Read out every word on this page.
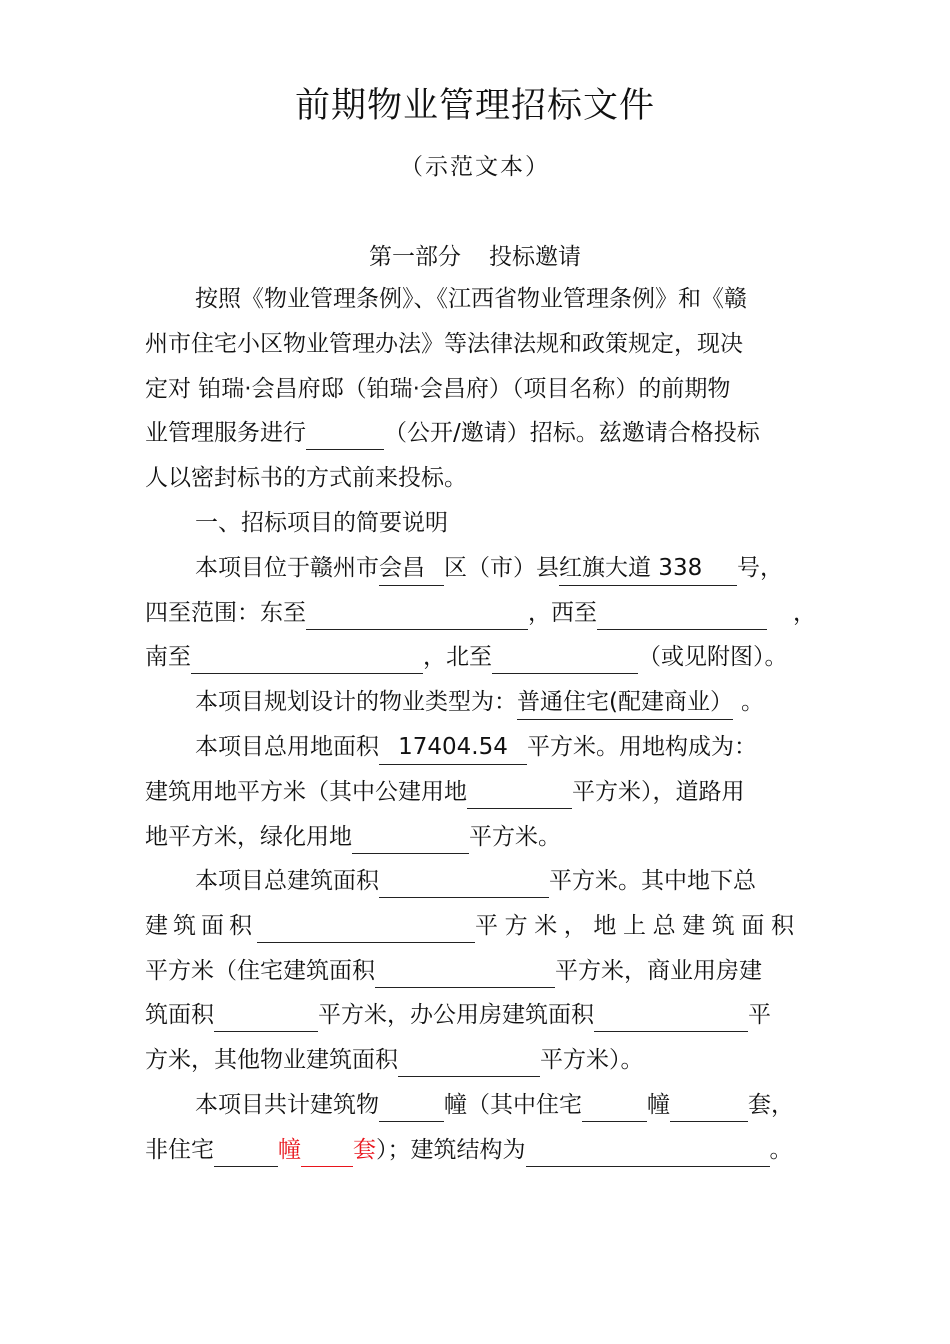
前期物业管理招标文件
（示范文本）
第一部分 投标邀请
按照《物业管理条例》、《江西省物业管理条例》和《赣
州市住宅小区物业管理办法》等法律法规和政策规定，现决
定对 铂瑞·会昌府邸（铂瑞·会昌府）（项目名称）的前期物
业管理服务进行	（公开/邀请）招标。兹邀请合格投标
人以密封标书的方式前来投标。
一、招标项目的简要说明
本项目位于赣州市会昌 区（市）县红旗大道 338 号，
四至范围：东至	，西至	，
南至	，北至	（或见附图）。
本项目规划设计的物业类型为：普通住宅(配建商业） 。
本项目总用地面积 17404.54 平方米。用地构成为：
建筑用地平方米（其中公建用地	平方米），道路用
地平方米，绿化用地	平方米。
本项目总建筑面积	平方米。其中地下总
建筑面积	平方米，地上总建筑面积
平方米（住宅建筑面积	平方米，商业用房建
筑面积	平方米，办公用房建筑面积	平
方米，其他物业建筑面积	平方米）。
本项目共计建筑物	幢（其中住宅	幢	套，
非住宅	幢 套）；建筑结构为	。
